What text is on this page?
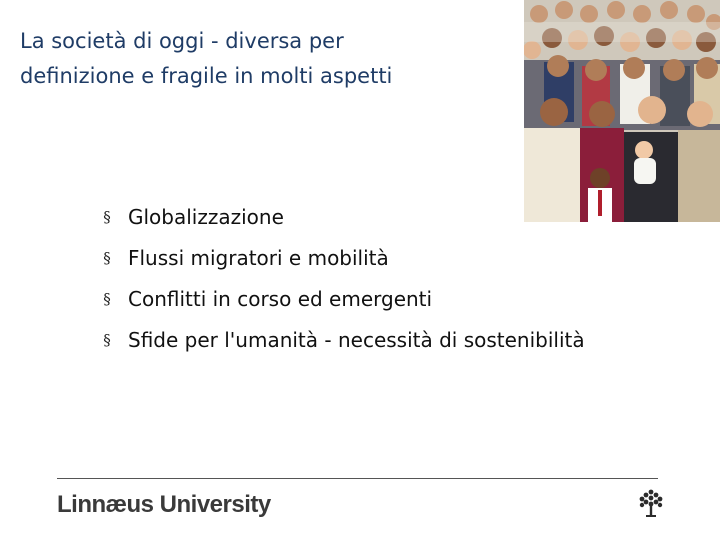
La società di oggi - diversa per
definizione e fragile in molti aspetti
§ Globalizzazione
§ Flussi migratori e mobilità
§ Conflitti in corso ed emergenti
§ Sfide per l'umanità - necessità di sostenibilità
Linnæus University
